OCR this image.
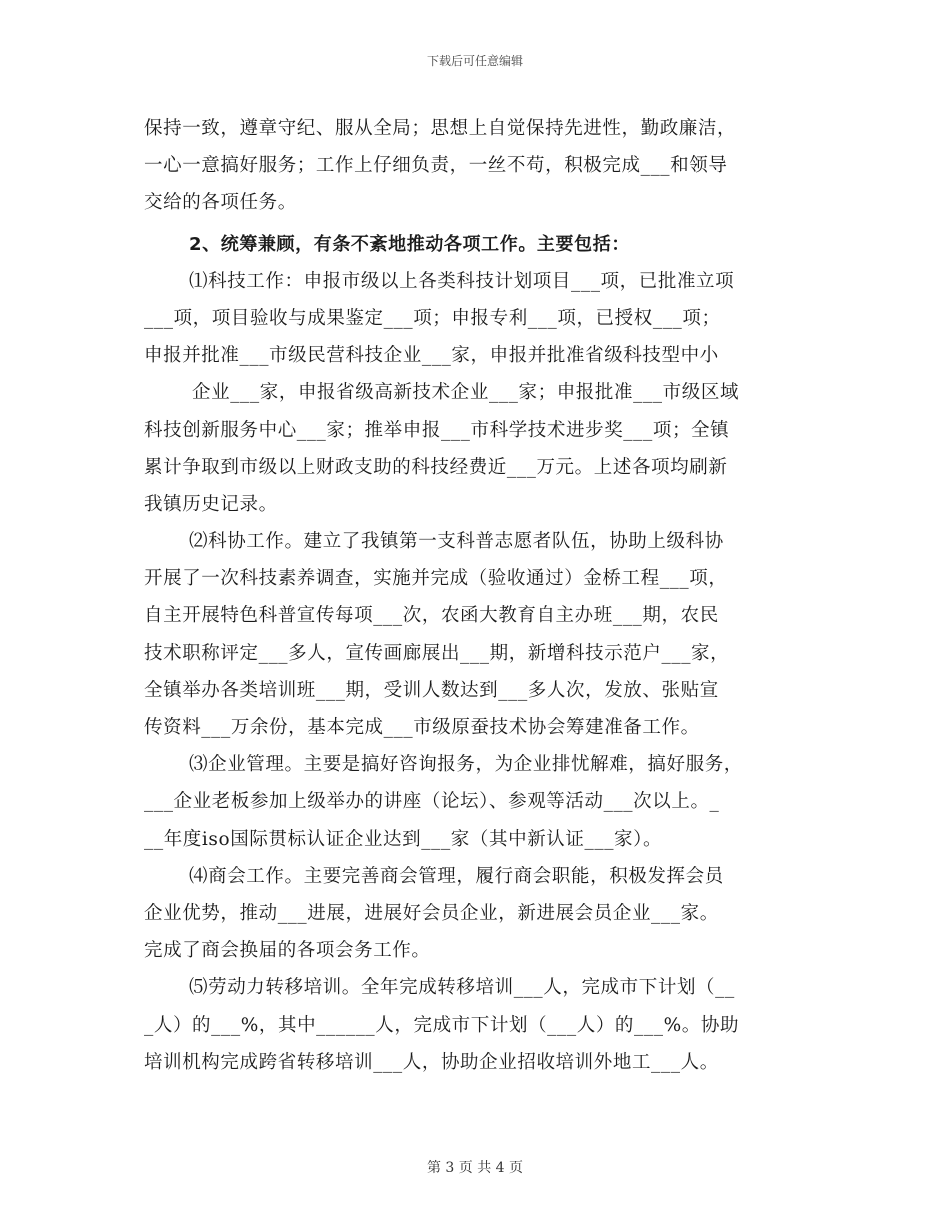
下载后可任意编辑
保持一致，遵章守纪、服从全局；思想上自觉保持先进性，勤政廉洁，
一心一意搞好服务；工作上仔细负责，一丝不苟，积极完成___和领导
交给的各项任务。
2、统筹兼顾，有条不紊地推动各项工作。主要包括：
⑴科技工作：申报市级以上各类科技计划项目___项，已批准立项
___项，项目验收与成果鉴定___项；申报专利___项，已授权___项；
申报并批准___市级民营科技企业___家，申报并批准省级科技型中小
企业___家，申报省级高新技术企业___家；申报批准___市级区域
科技创新服务中心___家；推举申报___市科学技术进步奖___项；全镇
累计争取到市级以上财政支助的科技经费近___万元。上述各项均刷新
我镇历史记录。
⑵科协工作。建立了我镇第一支科普志愿者队伍，协助上级科协
开展了一次科技素养调查，实施并完成（验收通过）金桥工程___项，
自主开展特色科普宣传每项___次，农函大教育自主办班___期，农民
技术职称评定___多人，宣传画廊展出___期，新增科技示范户___家，
全镇举办各类培训班___期，受训人数达到___多人次，发放、张贴宣
传资料___万余份，基本完成___市级原蚕技术协会筹建准备工作。
⑶企业管理。主要是搞好咨询报务，为企业排忧解难，搞好服务，
___企业老板参加上级举办的讲座（论坛）、参观等活动___次以上。_
__年度iso国际贯标认证企业达到___家（其中新认证___家）。
⑷商会工作。主要完善商会管理，履行商会职能，积极发挥会员
企业优势，推动___进展，进展好会员企业，新进展会员企业___家。
完成了商会换届的各项会务工作。
⑸劳动力转移培训。全年完成转移培训___人，完成市下计划（__
_人）的___%，其中______人，完成市下计划（___人）的___%。协助
培训机构完成跨省转移培训___人，协助企业招收培训外地工___人。
第 3 页 共 4 页
